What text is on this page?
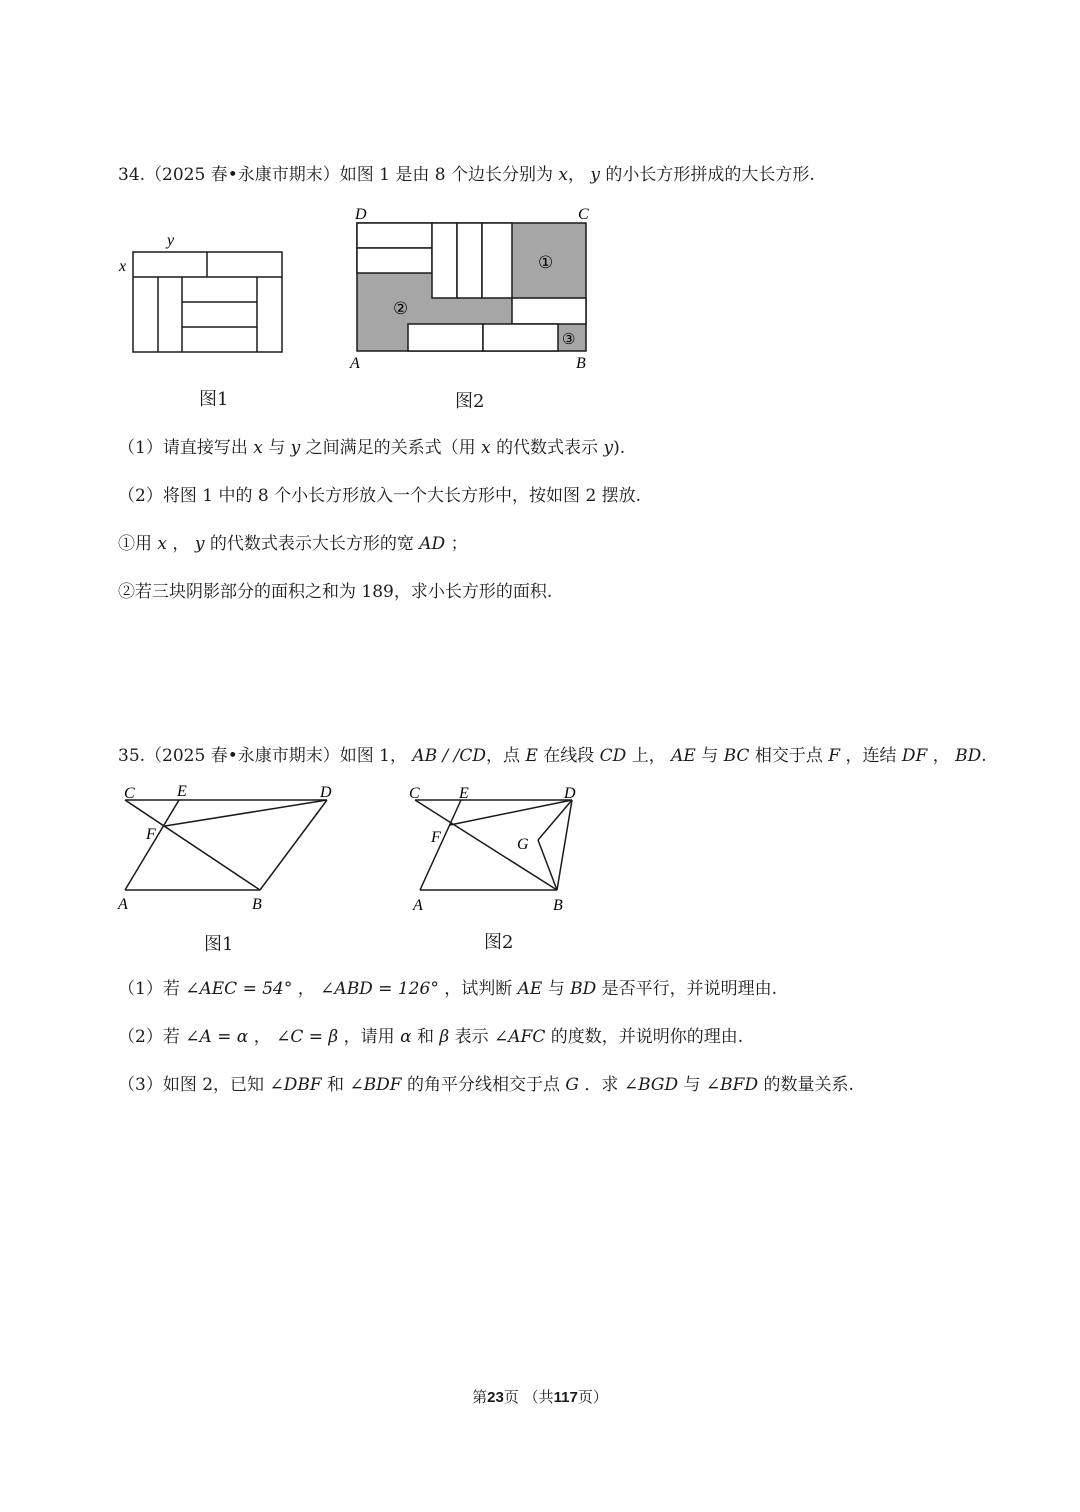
34.（2025 春•永康市期末）如图 1 是由 8 个边长分别为 x， y 的小长方形拼成的大长方形.
y
x
图1
D	C
A	B
①
②
③
图2
（1）请直接写出 x 与 y 之间满足的关系式（用 x 的代数式表示 y).
（2）将图 1 中的 8 个小长方形放入一个大长方形中，按如图 2 摆放.
①用 x ， y 的代数式表示大长方形的宽 AD ；
②若三块阴影部分的面积之和为 189，求小长方形的面积.
35.（2025 春•永康市期末）如图 1， AB / /CD，点 E 在线段 CD 上， AE 与 BC 相交于点 F ，连结 DF ， BD.
C	E	D
F
A	B
图1
C E	D
F	G
A	B
图2
（1）若 ∠AEC = 54° ， ∠ABD = 126° ，试判断 AE 与 BD 是否平行，并说明理由.
（2）若 ∠A = α ， ∠C = β ，请用 α 和 β 表示 ∠AFC 的度数，并说明你的理由.
（3）如图 2，已知 ∠DBF 和 ∠BDF 的角平分线相交于点 G ．求 ∠BGD 与 ∠BFD 的数量关系.
第23页 （共117页）
